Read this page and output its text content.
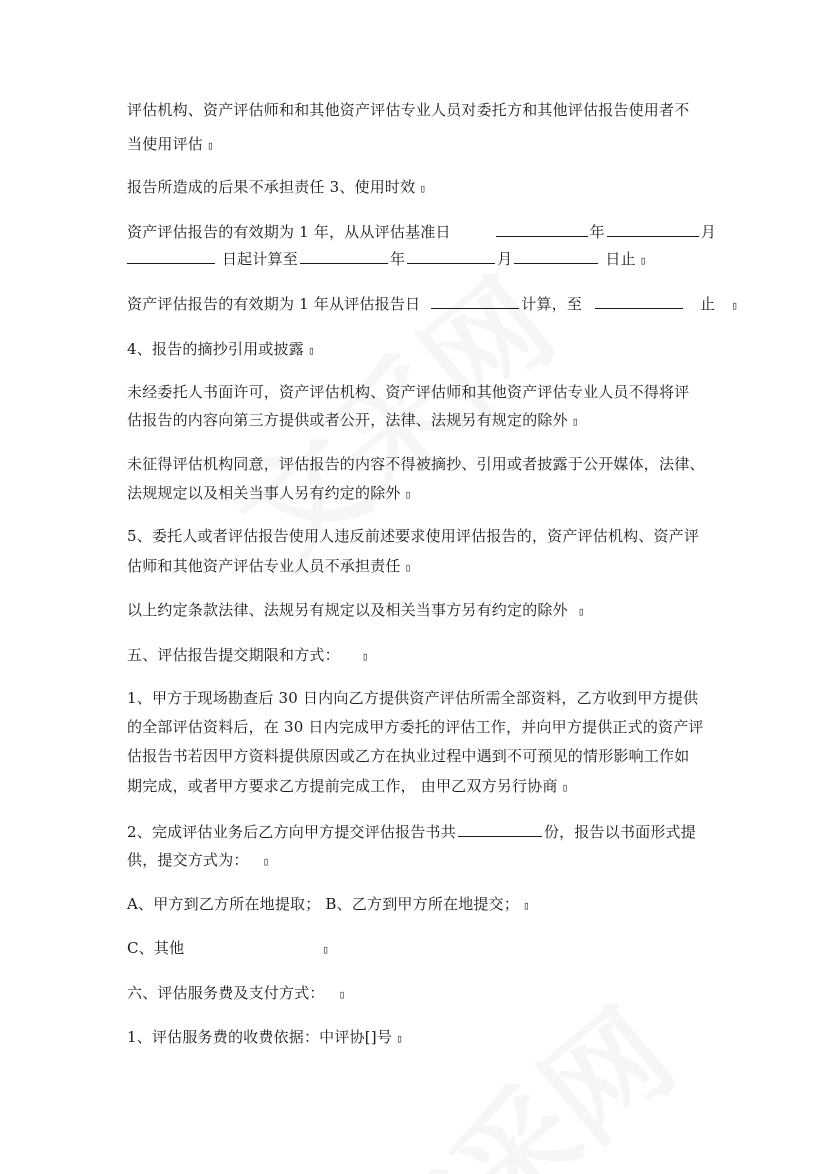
评估机构、资产评估师和和其他资产评估专业人员对委托方和其他评估报告使用者不
当使用评估 ▯
报告所造成的后果不承担责任 3、使用时效 ▯
资产评估报告的有效期为 1 年，从从评估基准日	年	月
日起计算至	年	月	日止 ▯
资产评估报告的有效期为 1 年从评估报告日	计算，至	止 ▯
4、报告的摘抄引用或披露 ▯
未经委托人书面许可，资产评估机构、资产评估师和其他资产评估专业人员不得将评
估报告的内容向第三方提供或者公开，法律、法规另有规定的除外 ▯
未征得评估机构同意，评估报告的内容不得被摘抄、引用或者披露于公开媒体，法律、
法规规定以及相关当事人另有约定的除外 ▯
5、委托人或者评估报告使用人违反前述要求使用评估报告的，资产评估机构、资产评
估师和其他资产评估专业人员不承担责任 ▯
以上约定条款法律、法规另有规定以及相关当事方另有约定的除外 ▯
五、评估报告提交期限和方式： ▯
1、甲方于现场勘查后 30 日内向乙方提供资产评估所需全部资料，乙方收到甲方提供
的全部评估资料后，在 30 日内完成甲方委托的评估工作，并向甲方提供正式的资产评
估报告书若因甲方资料提供原因或乙方在执业过程中遇到不可预见的情形影响工作如
期完成，或者甲方要求乙方提前完成工作， 由甲乙双方另行协商 ▯
2、完成评估业务后乙方向甲方提交评估报告书共	份，报告以书面形式提
供，提交方式为： ▯
A、甲方到乙方所在地提取； B、乙方到甲方所在地提交； ▯
C、其他	▯
六、评估服务费及支付方式： ▯
1、评估服务费的收费依据：中评协[]号 ▯
